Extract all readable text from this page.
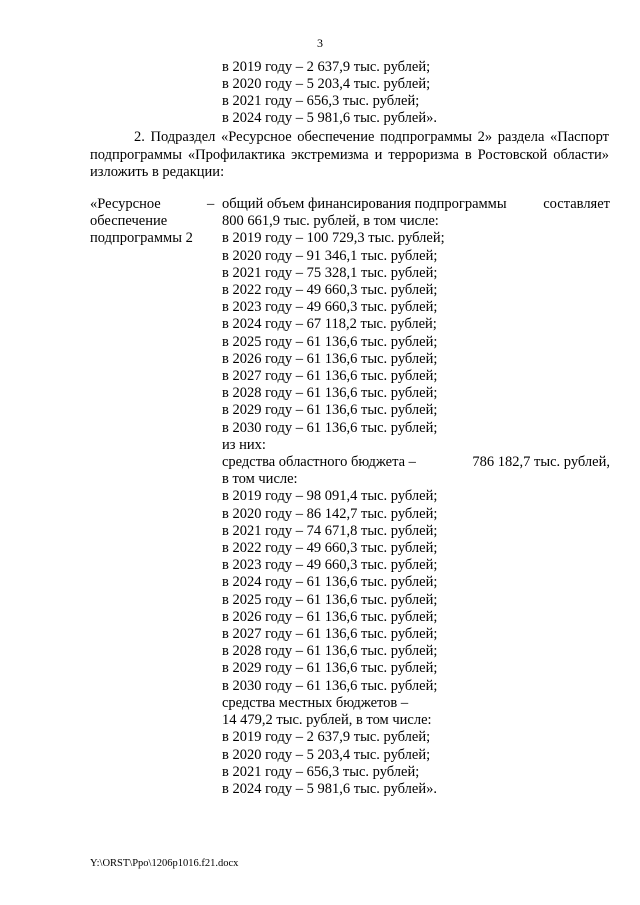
3
в 2019 году – 2 637,9 тыс. рублей;
в 2020 году – 5 203,4 тыс. рублей;
в 2021 году – 656,3 тыс. рублей;
в 2024 году – 5 981,6 тыс. рублей».

2. Подраздел «Ресурсное обеспечение подпрограммы 2» раздела «Паспорт подпрограммы «Профилактика экстремизма и терроризма в Ростовской области» изложить в редакции:

«Ресурсное
обеспечение
подпрограммы 2
– общий объем финансирования подпрограммы	составляет
800 661,9 тыс. рублей, в том числе:
в 2019 году – 100 729,3 тыс. рублей;
в 2020 году – 91 346,1 тыс. рублей;
в 2021 году – 75 328,1 тыс. рублей;
в 2022 году – 49 660,3 тыс. рублей;
в 2023 году – 49 660,3 тыс. рублей;
в 2024 году – 67 118,2 тыс. рублей;
в 2025 году – 61 136,6 тыс. рублей;
в 2026 году – 61 136,6 тыс. рублей;
в 2027 году – 61 136,6 тыс. рублей;
в 2028 году – 61 136,6 тыс. рублей;
в 2029 году – 61 136,6 тыс. рублей;
в 2030 году – 61 136,6 тыс. рублей;
из них:
средства областного бюджета –	786 182,7 тыс. рублей,
в том числе:
в 2019 году – 98 091,4 тыс. рублей;
в 2020 году – 86 142,7 тыс. рублей;
в 2021 году – 74 671,8 тыс. рублей;
в 2022 году – 49 660,3 тыс. рублей;
в 2023 году – 49 660,3 тыс. рублей;
в 2024 году – 61 136,6 тыс. рублей;
в 2025 году – 61 136,6 тыс. рублей;
в 2026 году – 61 136,6 тыс. рублей;
в 2027 году – 61 136,6 тыс. рублей;
в 2028 году – 61 136,6 тыс. рублей;
в 2029 году – 61 136,6 тыс. рублей;
в 2030 году – 61 136,6 тыс. рублей;
средства местных бюджетов –
14 479,2 тыс. рублей, в том числе:
в 2019 году – 2 637,9 тыс. рублей;
в 2020 году – 5 203,4 тыс. рублей;
в 2021 году – 656,3 тыс. рублей;
в 2024 году – 5 981,6 тыс. рублей».
Y:\ORST\Ppo\1206p1016.f21.docx
